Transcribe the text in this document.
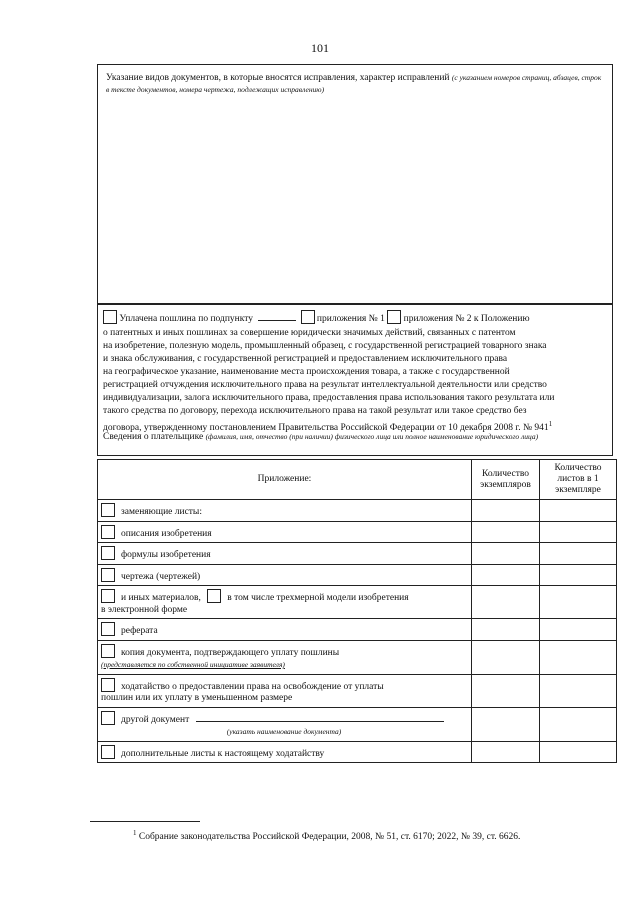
101
Указание видов документов, в которые вносятся исправления, характер исправлений (с указанием номеров страниц, абзацев, строк в тексте документов, номера чертежа, подлежащих исправлению)
Уплачена пошлина по подпункту	приложения № 1 приложения № 2 к Положению
о патентных и иных пошлинах за совершение юридически значимых действий, связанных с патентом
на изобретение, полезную модель, промышленный образец, с государственной регистрацией товарного знака
и знака обслуживания, с государственной регистрацией и предоставлением исключительного права
на географическое указание, наименование места происхождения товара, а также с государственной
регистрацией отчуждения исключительного права на результат интеллектуальной деятельности или средство
индивидуализации, залога исключительного права, предоставления права использования такого результата или
такого средства по договору, перехода исключительного права на такой результат или такое средство без
договора, утвержденному постановлением Правительства Российской Федерации от 10 декабря 2008 г. № $941^1$
Сведения о плательщике (фамилия, имя, отчество (при наличии) физического лица или полное наименование юридического лица)
Приложение:	Количество экземпляров	Количество листов в 1 экземпляре
заменяющие листы:		
описания изобретения		
формулы изобретения		
чертежа (чертежей)		
и иных материалов, в том числе трехмерной модели изобретения
в электронной форме		
реферата		
копия документа, подтверждающего уплату пошлины
(представляется по собственной инициативе заявителя)		
ходатайство о предоставлении права на освобождение от уплаты
пошлин или их уплату в уменьшенном размере		
другой документ
(указать наименование документа)		
дополнительные листы к настоящему ходатайству		
$^1$ Собрание законодательства Российской Федерации, 2008, № 51, ст. 6170; 2022, № 39, ст. 6626.
